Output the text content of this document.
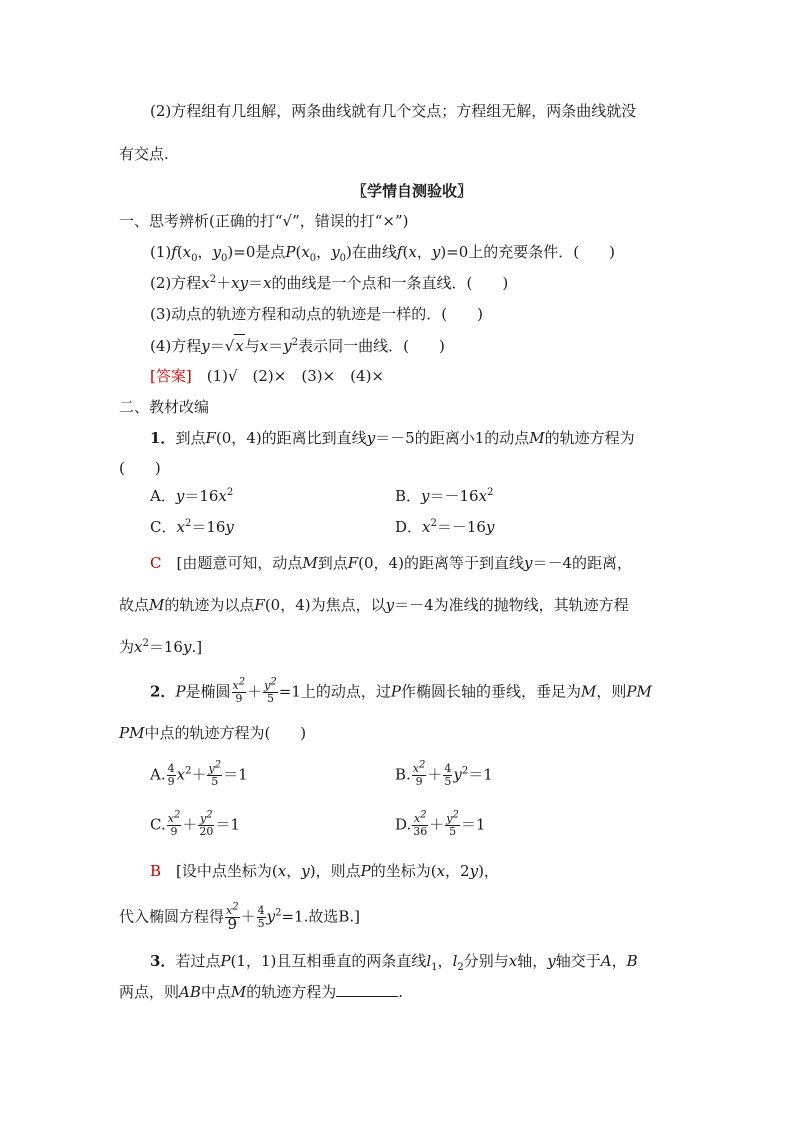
(2)方程组有几组解，两条曲线就有几个交点；方程组无解，两条曲线就没
有交点.
〖学情自测验收〗
一、思考辨析(正确的打“√”，错误的打“×”)
$(1)f(x_0$，$y_0)=0$是点$P(x_0$，$y_0$)在曲线f(x，y)=0上的充要条件．(　　)
(2)方程$x^2+xy=x$的曲线是一个点和一条直线．(　　)
(3)动点的轨迹方程和动点的轨迹是一样的．(　　)
(4)方程y＝√x与$x=y^2$表示同一曲线．(　　)
[答案]　 (1)√　(2)×　(3)×　(4)×
二、教材改编
1．到点F(0，4)的距离比到直线y＝－5的距离小1的动点M的轨迹方程为
(　　)
A．$y=16x^2$	B．$y=-16x^2$
C．$x^2=16y$	D．$x^2=-16y$
C　 [由题意可知，动点M到点F(0，4)的距离等于到直线y＝－4的距离，
故点M的轨迹为以点F(0，4)为焦点，以y＝－4为准线的抛物线，其轨迹方程
为$x^2=16y$.]
2．P是椭圆 $\frac{x^2}{9} + \frac{y^2}{5} =1$上的动点，过P作椭圆长轴的垂线，垂足为M，则PM
PM中点的轨迹方程为(　　)
A. $\frac{4}{9} x^2+ \frac{y^2}{5} =1$	B. $\frac{x^2}{9} + \frac{4}{5} y^2=1$
C. $\frac{x^2}{9} + \frac{y^2}{20} =1$	D. $\frac{x^2}{36} + \frac{y^2}{5} =1$
B　 [设中点坐标为(x，y)，则点P的坐标为(x，2y)，
代入椭圆方程得 $\frac{x^2}{9} + \frac{4}{5} y^2=1$.故选B.]
3．若过点P(1，1)且互相垂直的两条直线$l_1$，$l_2$分别与x轴，y轴交于A，B
两点，则AB中点M的轨迹方程为	.
